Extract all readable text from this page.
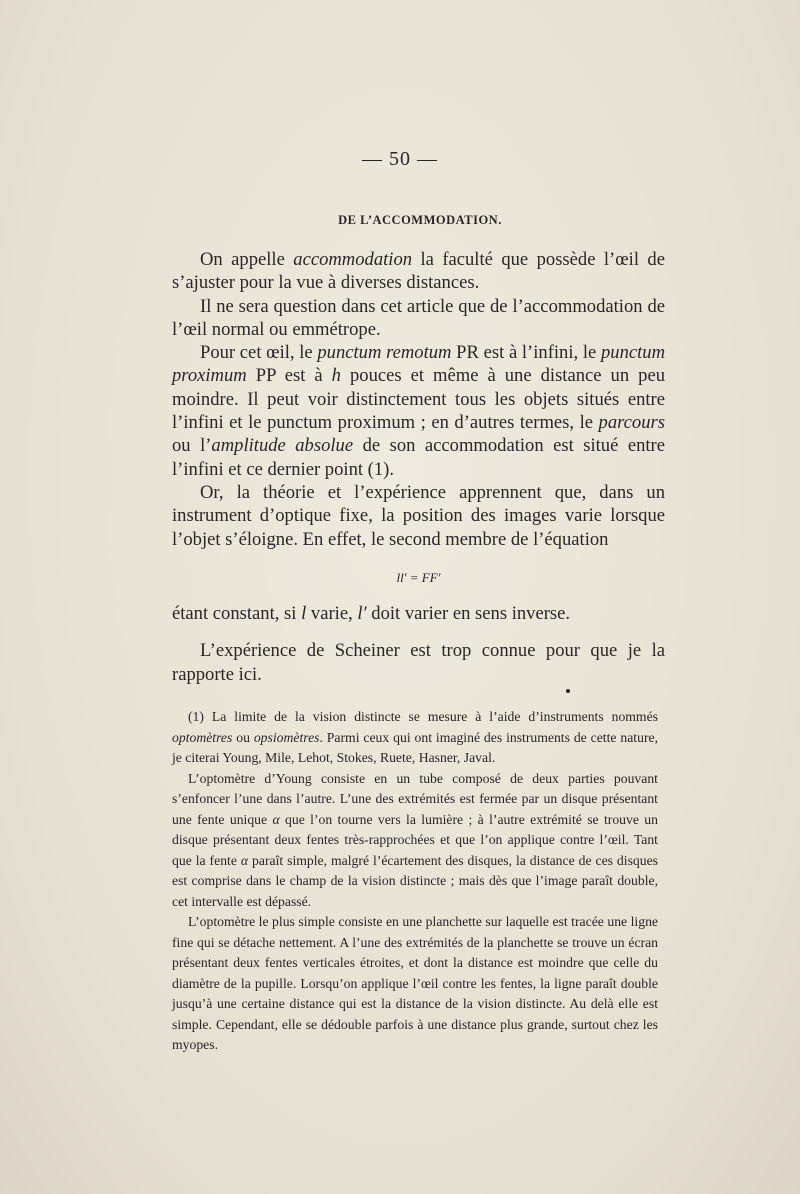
— 50 —
DE L’ACCOMMODATION.

On appelle accommodation la faculté que possède l’œil de s’ajuster pour la vue à diverses distances.

Il ne sera question dans cet article que de l’accommodation de l’œil normal ou emmétrope.

Pour cet œil, le punctum remotum PR est à l’infini, le punctum proximum PP est à h pouces et même à une distance un peu moindre. Il peut voir distinctement tous les objets situés entre l’infini et le punctum proximum ; en d’autres termes, le parcours ou l’amplitude absolue de son accommodation est situé entre l’infini et ce dernier point (1).

Or, la théorie et l’expérience apprennent que, dans un instrument d’optique fixe, la position des images varie lorsque l’objet s’éloigne. En effet, le second membre de l’équation

ll′ = FF′

étant constant, si l varie, l′ doit varier en sens inverse.

L’expérience de Scheiner est trop connue pour que je la rapporte ici.

(1) La limite de la vision distincte se mesure à l’aide d’instruments nommés optomètres ou opsiomètres. Parmi ceux qui ont imaginé des instruments de cette nature, je citerai Young, Mile, Lehot, Stokes, Ruete, Hasner, Javal.

L’optomètre d’Young consiste en un tube composé de deux parties pouvant s’enfoncer l’une dans l’autre. L’une des extrémités est fermée par un disque présentant une fente unique α que l’on tourne vers la lumière ; à l’autre extrémité se trouve un disque présentant deux fentes très-rapprochées et que l’on applique contre l’œil. Tant que la fente α paraît simple, malgré l’écartement des disques, la distance de ces disques est comprise dans le champ de la vision distincte ; mais dès que l’image paraît double, cet intervalle est dépassé.

L’optomètre le plus simple consiste en une planchette sur laquelle est tracée une ligne fine qui se détache nettement. A l’une des extrémités de la planchette se trouve un écran présentant deux fentes verticales étroites, et dont la distance est moindre que celle du diamètre de la pupille. Lorsqu’on applique l’œil contre les fentes, la ligne paraît double jusqu’à une certaine distance qui est la distance de la vision distincte. Au delà elle est simple. Cependant, elle se dédouble parfois à une distance plus grande, surtout chez les myopes.
